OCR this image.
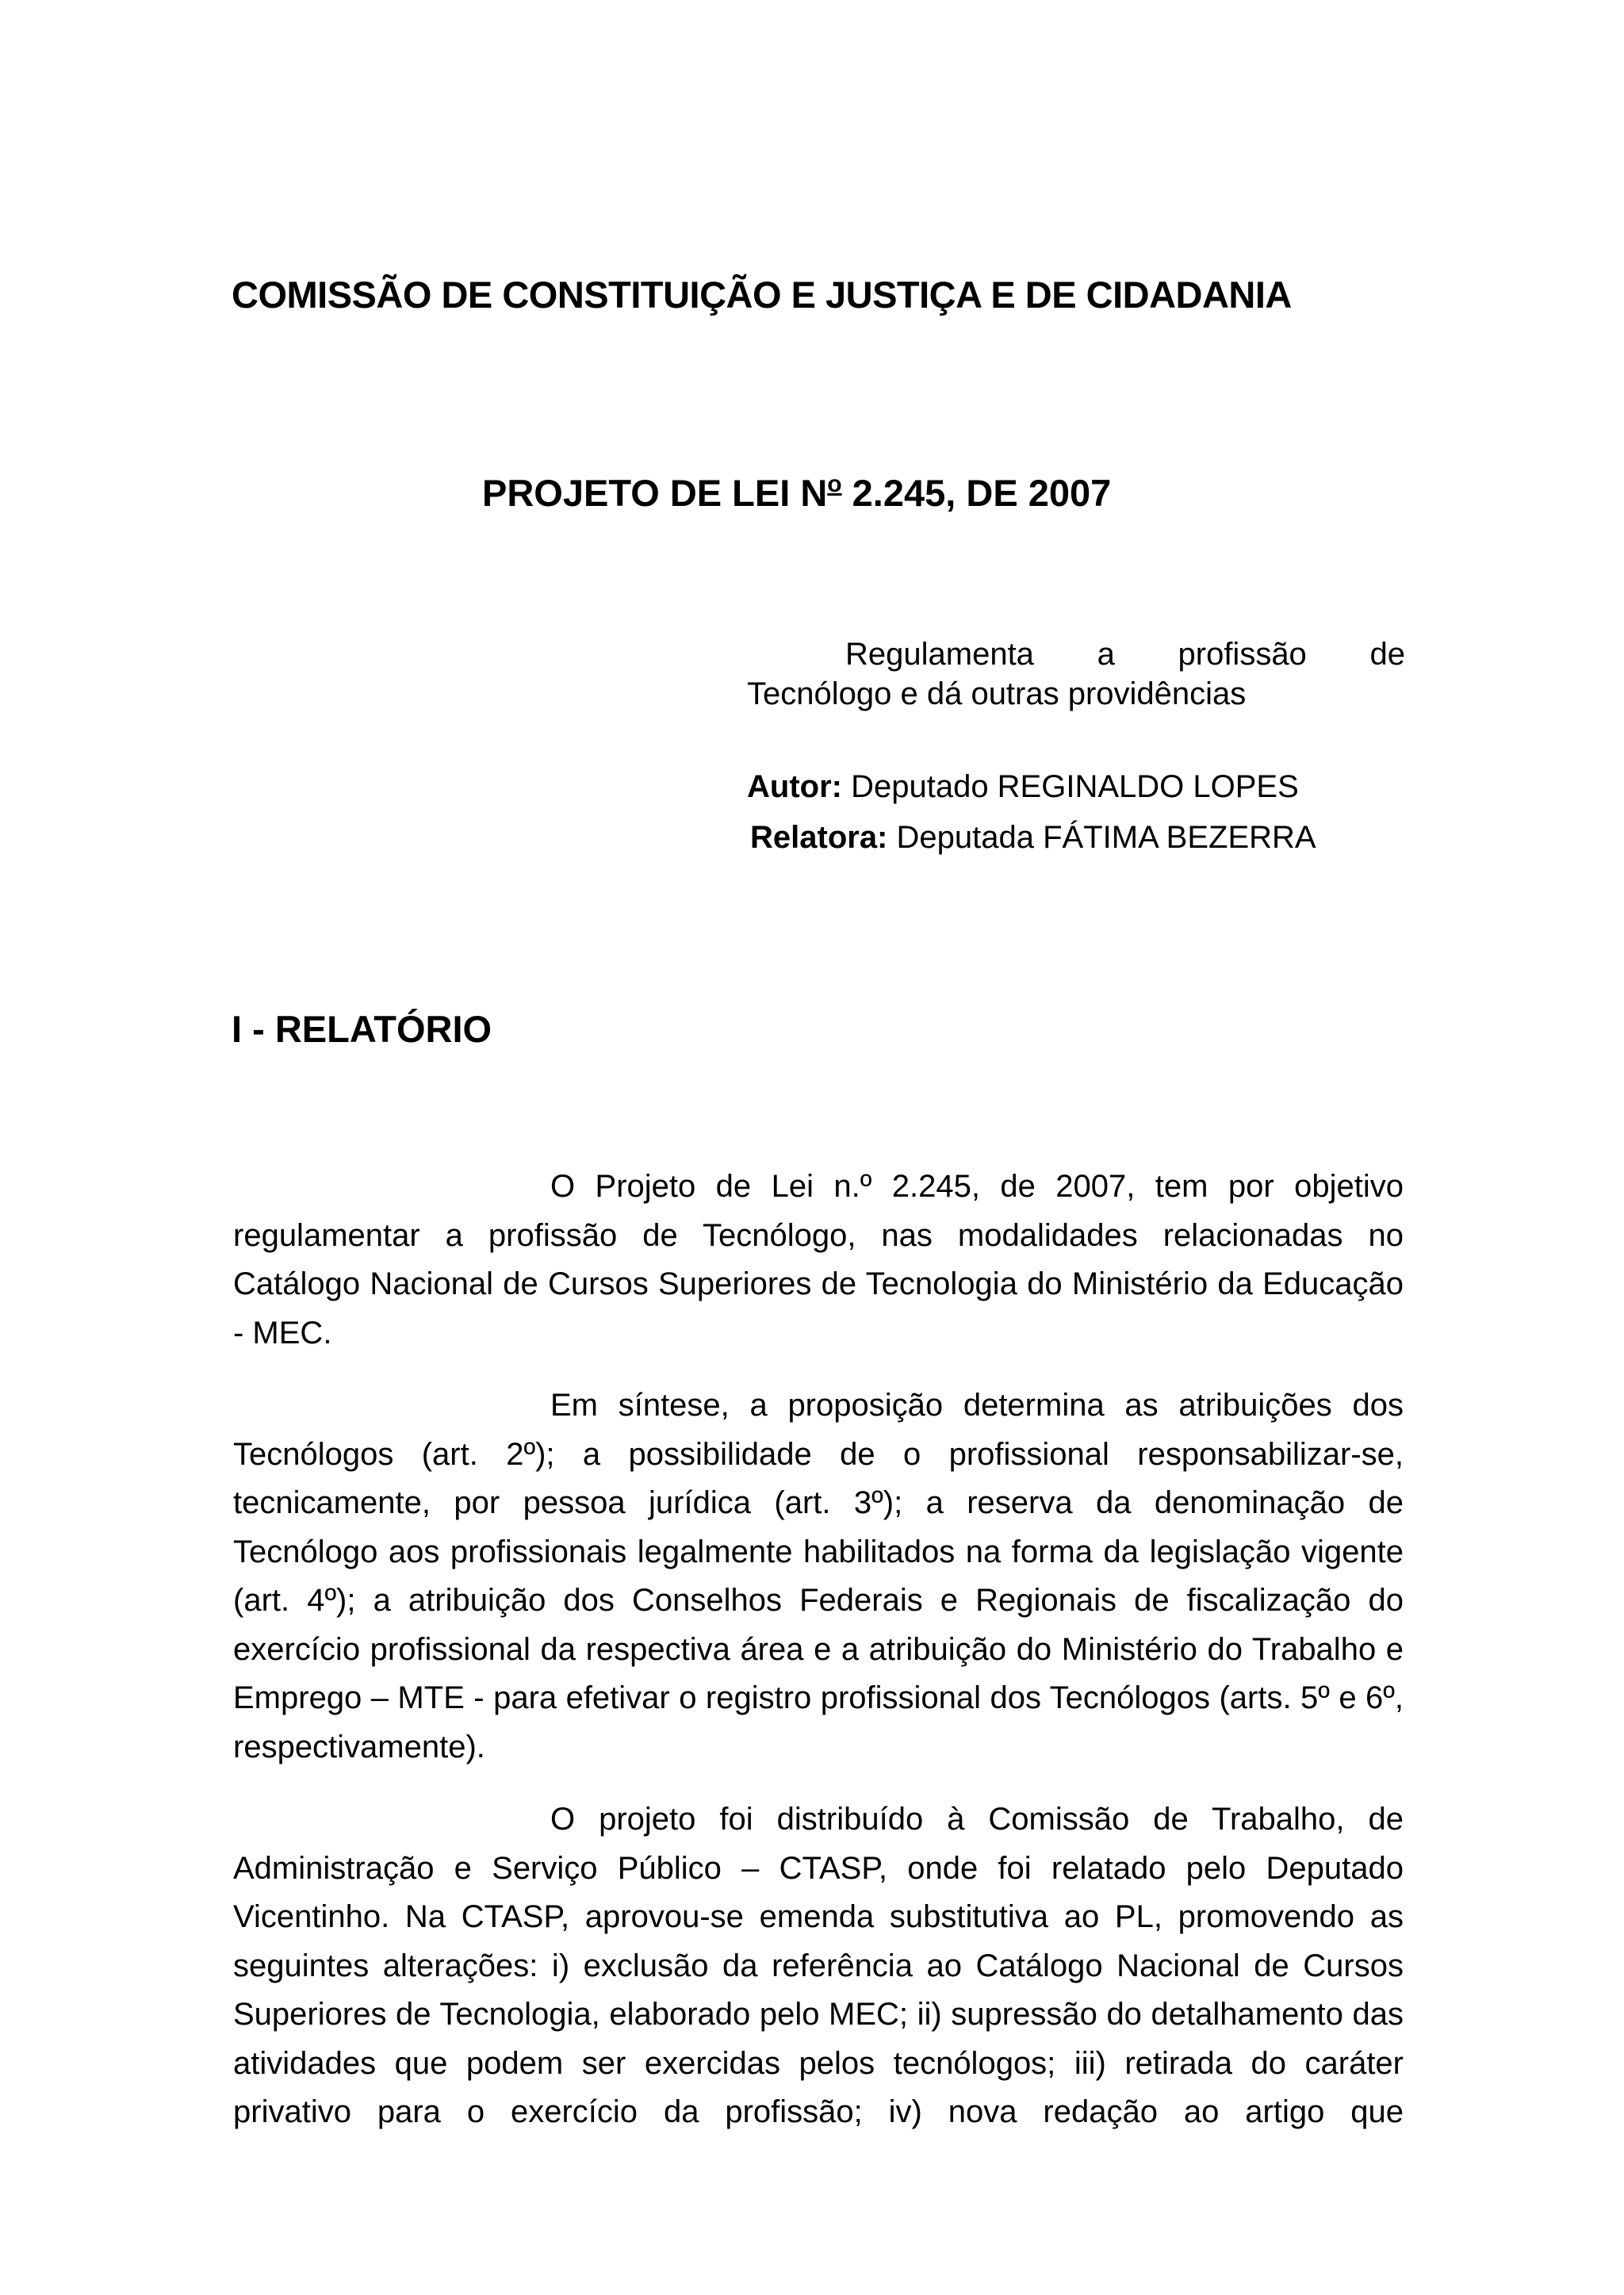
COMISSÃO DE CONSTITUIÇÃO E JUSTIÇA E DE CIDADANIA
PROJETO DE LEI $N^o$ 2.245, DE 2007
Regulamenta a profissão de
Tecnólogo e dá outras providências
Autor: Deputado REGINALDO LOPES
Relatora: Deputada FÁTIMA BEZERRA
I - RELATÓRIO

O Projeto de Lei n.º 2.245, de 2007, tem por objetivo regulamentar a profissão de Tecnólogo, nas modalidades relacionadas no Catálogo Nacional de Cursos Superiores de Tecnologia do Ministério da Educação - MEC.

Em síntese, a proposição determina as atribuições dos Tecnólogos (art. 2º); a possibilidade de o profissional responsabilizar-se, tecnicamente, por pessoa jurídica (art. 3º); a reserva da denominação de Tecnólogo aos profissionais legalmente habilitados na forma da legislação vigente (art. 4º); a atribuição dos Conselhos Federais e Regionais de fiscalização do exercício profissional da respectiva área e a atribuição do Ministério do Trabalho e Emprego – MTE - para efetivar o registro profissional dos Tecnólogos (arts. 5º e 6º, respectivamente).

O projeto foi distribuído à Comissão de Trabalho, de Administração e Serviço Público – CTASP, onde foi relatado pelo Deputado Vicentinho. Na CTASP, aprovou-se emenda substitutiva ao PL, promovendo as seguintes alterações: i) exclusão da referência ao Catálogo Nacional de Cursos Superiores de Tecnologia, elaborado pelo MEC; ii) supressão do detalhamento das atividades que podem ser exercidas pelos tecnólogos; iii) retirada do caráter privativo para o exercício da profissão; iv) nova redação ao artigo que
